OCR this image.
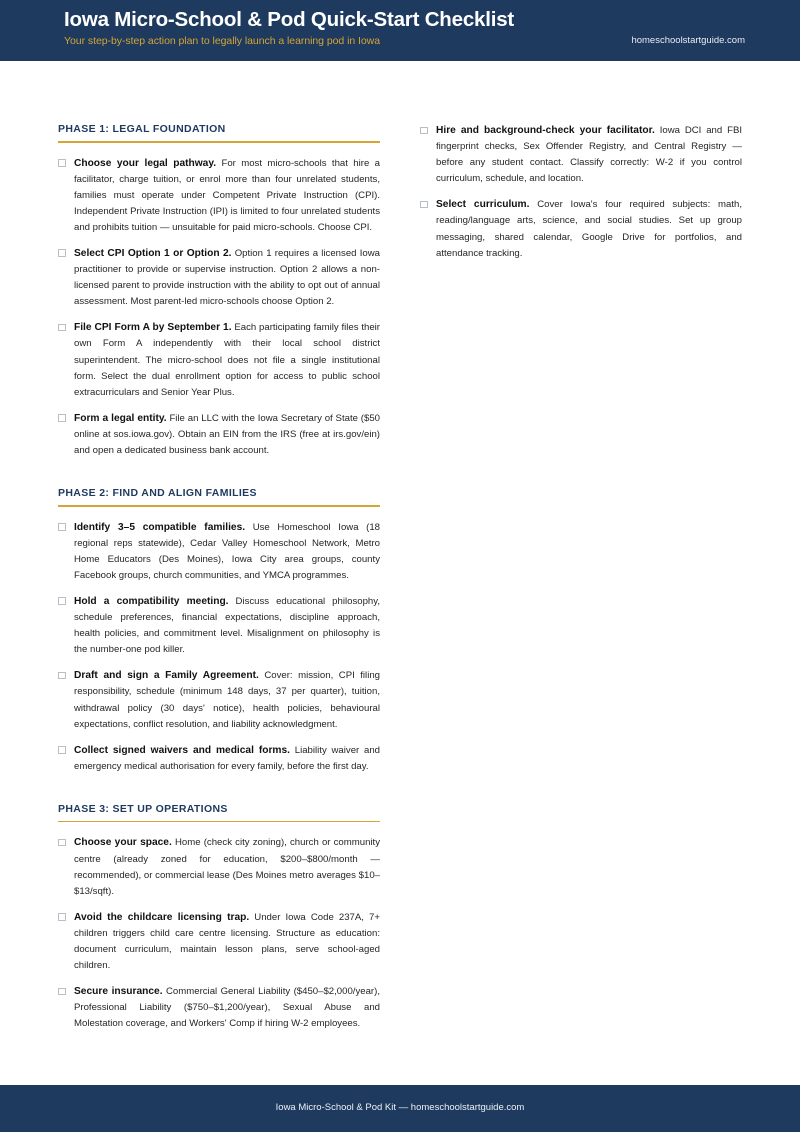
Iowa Micro-School & Pod Quick-Start Checklist
Your step-by-step action plan to legally launch a learning pod in Iowa	homeschoolstartguide.com
PHASE 1: LEGAL FOUNDATION
Choose your legal pathway. For most micro-schools that hire a facilitator, charge tuition, or enrol more than four unrelated students, families must operate under Competent Private Instruction (CPI). Independent Private Instruction (IPI) is limited to four unrelated students and prohibits tuition — unsuitable for paid micro-schools. Choose CPI.
Select CPI Option 1 or Option 2. Option 1 requires a licensed Iowa practitioner to provide or supervise instruction. Option 2 allows a non-licensed parent to provide instruction with the ability to opt out of annual assessment. Most parent-led micro-schools choose Option 2.
File CPI Form A by September 1. Each participating family files their own Form A independently with their local school district superintendent. The micro-school does not file a single institutional form. Select the dual enrollment option for access to public school extracurriculars and Senior Year Plus.
Form a legal entity. File an LLC with the Iowa Secretary of State ($50 online at sos.iowa.gov). Obtain an EIN from the IRS (free at irs.gov/ein) and open a dedicated business bank account.
PHASE 2: FIND AND ALIGN FAMILIES
Identify 3–5 compatible families. Use Homeschool Iowa (18 regional reps statewide), Cedar Valley Homeschool Network, Metro Home Educators (Des Moines), Iowa City area groups, county Facebook groups, church communities, and YMCA programmes.
Hold a compatibility meeting. Discuss educational philosophy, schedule preferences, financial expectations, discipline approach, health policies, and commitment level. Misalignment on philosophy is the number-one pod killer.
Draft and sign a Family Agreement. Cover: mission, CPI filing responsibility, schedule (minimum 148 days, 37 per quarter), tuition, withdrawal policy (30 days' notice), health policies, behavioural expectations, conflict resolution, and liability acknowledgment.
Collect signed waivers and medical forms. Liability waiver and emergency medical authorisation for every family, before the first day.
PHASE 3: SET UP OPERATIONS
Choose your space. Home (check city zoning), church or community centre (already zoned for education, $200–$800/month — recommended), or commercial lease (Des Moines metro averages $10–$13/sqft).
Avoid the childcare licensing trap. Under Iowa Code 237A, 7+ children triggers child care centre licensing. Structure as education: document curriculum, maintain lesson plans, serve school-aged children.
Secure insurance. Commercial General Liability ($450–$2,000/year), Professional Liability ($750–$1,200/year), Sexual Abuse and Molestation coverage, and Workers' Comp if hiring W-2 employees.
Hire and background-check your facilitator. Iowa DCI and FBI fingerprint checks, Sex Offender Registry, and Central Registry — before any student contact. Classify correctly: W-2 if you control curriculum, schedule, and location.
Select curriculum. Cover Iowa's four required subjects: math, reading/language arts, science, and social studies. Set up group messaging, shared calendar, Google Drive for portfolios, and attendance tracking.
Iowa Micro-School & Pod Kit — homeschoolstartguide.com
